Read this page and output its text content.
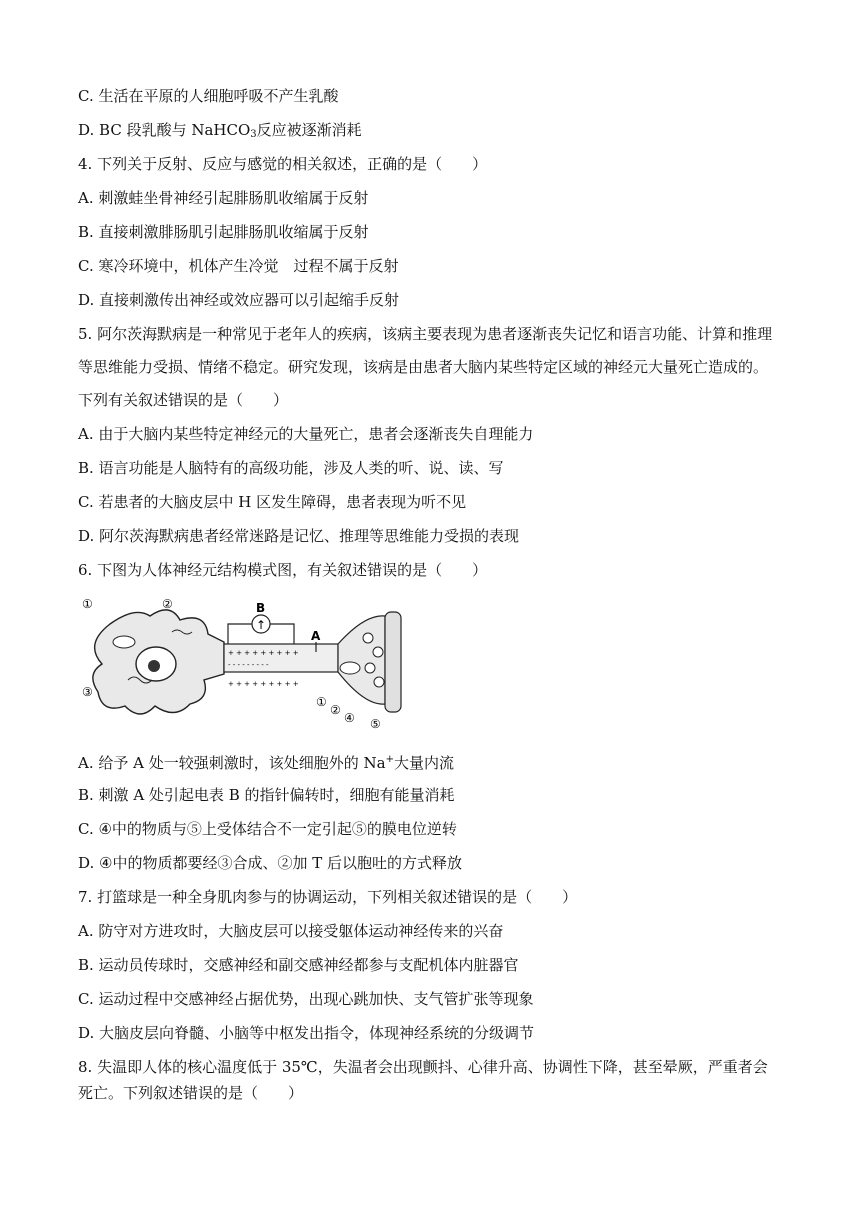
C. 生活在平原的人细胞呼吸不产生乳酸
D. BC 段乳酸与 NaHCO$_3$反应被逐渐消耗
4. 下列关于反射、反应与感觉的相关叙述，正确的是（　　）
A. 刺激蛙坐骨神经引起腓肠肌收缩属于反射
B. 直接刺激腓肠肌引起腓肠肌收缩属于反射
C. 寒冷环境中，机体产生冷觉　过程不属于反射
D. 直接刺激传出神经或效应器可以引起缩手反射
5. 阿尔茨海默病是一种常见于老年人的疾病，该病主要表现为患者逐渐丧失记忆和语言功能、计算和推理
等思维能力受损、情绪不稳定。研究发现，该病是由患者大脑内某些特定区域的神经元大量死亡造成的。
下列有关叙述错误的是（　　）
A. 由于大脑内某些特定神经元的大量死亡，患者会逐渐丧失自理能力
B. 语言功能是人脑特有的高级功能，涉及人类的听、说、读、写
C. 若患者的大脑皮层中 H 区发生障碍，患者表现为听不见
D. 阿尔茨海默病患者经常迷路是记忆、推理等思维能力受损的表现
6. 下图为人体神经元结构模式图，有关叙述错误的是（　　）
+ + + + + + + + +
- - - - - - - - -
+ + + + + + + + +
↑
B
A
①	②
③
①
②
④ ⑤
A. 给予 A 处一较强刺激时，该处细胞外的 Na+大量内流
B. 刺激 A 处引起电表 B 的指针偏转时，细胞有能量消耗
C. ④中的物质与⑤上受体结合不一定引起⑤的膜电位逆转
D. ④中的物质都要经③合成、②加 T 后以胞吐的方式释放
7. 打篮球是一种全身肌肉参与的协调运动，下列相关叙述错误的是（　　）
A. 防守对方进攻时，大脑皮层可以接受躯体运动神经传来的兴奋
B. 运动员传球时，交感神经和副交感神经都参与支配机体内脏器官
C. 运动过程中交感神经占据优势，出现心跳加快、支气管扩张等现象
D. 大脑皮层向脊髓、小脑等中枢发出指令，体现神经系统的分级调节
8. 失温即人体的核心温度低于 35℃，失温者会出现颤抖、心律升高、协调性下降，甚至晕厥，严重者会
死亡。下列叙述错误的是（　　）
